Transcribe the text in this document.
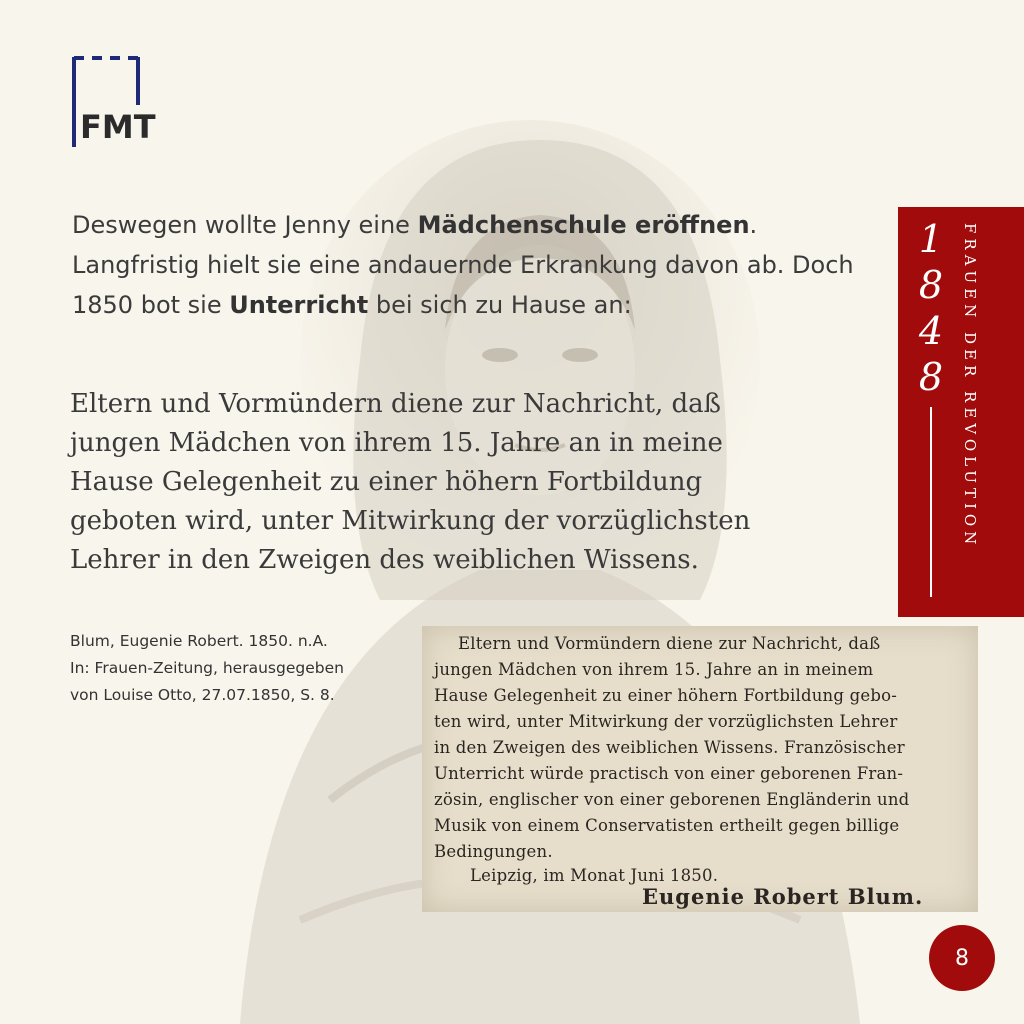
FMT

Deswegen wollte Jenny eine Mädchenschule eröffnen. Langfristig hielt sie eine andauernde Erkrankung davon ab. Doch 1850 bot sie Unterricht bei sich zu Hause an:

Eltern und Vormündern diene zur Nachricht, daß
jungen Mädchen von ihrem 15. Jahre an in meine
Hause Gelegenheit zu einer höhern Fortbildung
geboten wird, unter Mitwirkung der vorzüglichsten
Lehrer in den Zweigen des weiblichen Wissens.
Blum, Eugenie Robert. 1850. n.A.
In: Frauen-Zeitung, herausgegeben
von Louise Otto, 27.07.1850, S. 8.
1
8
4
8 FRAUEN DER REVOLUTION
Eltern und Vormündern diene zur Nachricht, daß
jungen Mädchen von ihrem 15. Jahre an in meinem
Hause Gelegenheit zu einer höhern Fortbildung gebo-
ten wird, unter Mitwirkung der vorzüglichsten Lehrer
in den Zweigen des weiblichen Wissens. Französischer
Unterricht würde practisch von einer geborenen Fran-
zösin, englischer von einer geborenen Engländerin und
Musik von einem Conservatisten ertheilt gegen billige
Bedingungen.
Leipzig, im Monat Juni 1850.
Eugenie Robert Blum.
8
